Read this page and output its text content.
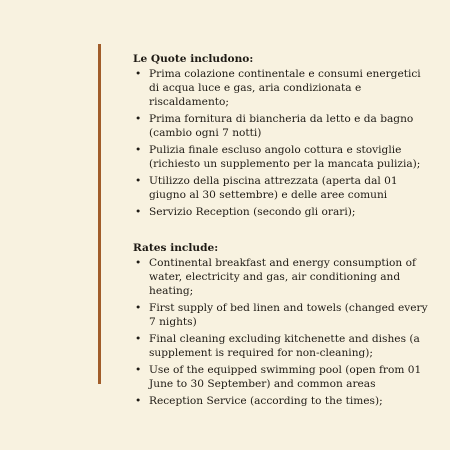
Le Quote includono:
• Prima colazione continentale e consumi energetici di acqua luce e gas, aria condizionata e riscaldamento;
• Prima fornitura di biancheria da letto e da bagno (cambio ogni 7 notti)
• Pulizia finale escluso angolo cottura e stoviglie (richiesto un supplemento per la mancata pulizia);
• Utilizzo della piscina attrezzata (aperta dal 01 giugno al 30 settembre) e delle aree comuni
• Servizio Reception (secondo gli orari);
Rates include:
• Continental breakfast and energy consumption of water, electricity and gas, air conditioning and heating;
• First supply of bed linen and towels (changed every 7 nights)
• Final cleaning excluding kitchenette and dishes (a supplement is required for non-cleaning);
• Use of the equipped swimming pool (open from 01 June to 30 September) and common areas
• Reception Service (according to the times);
